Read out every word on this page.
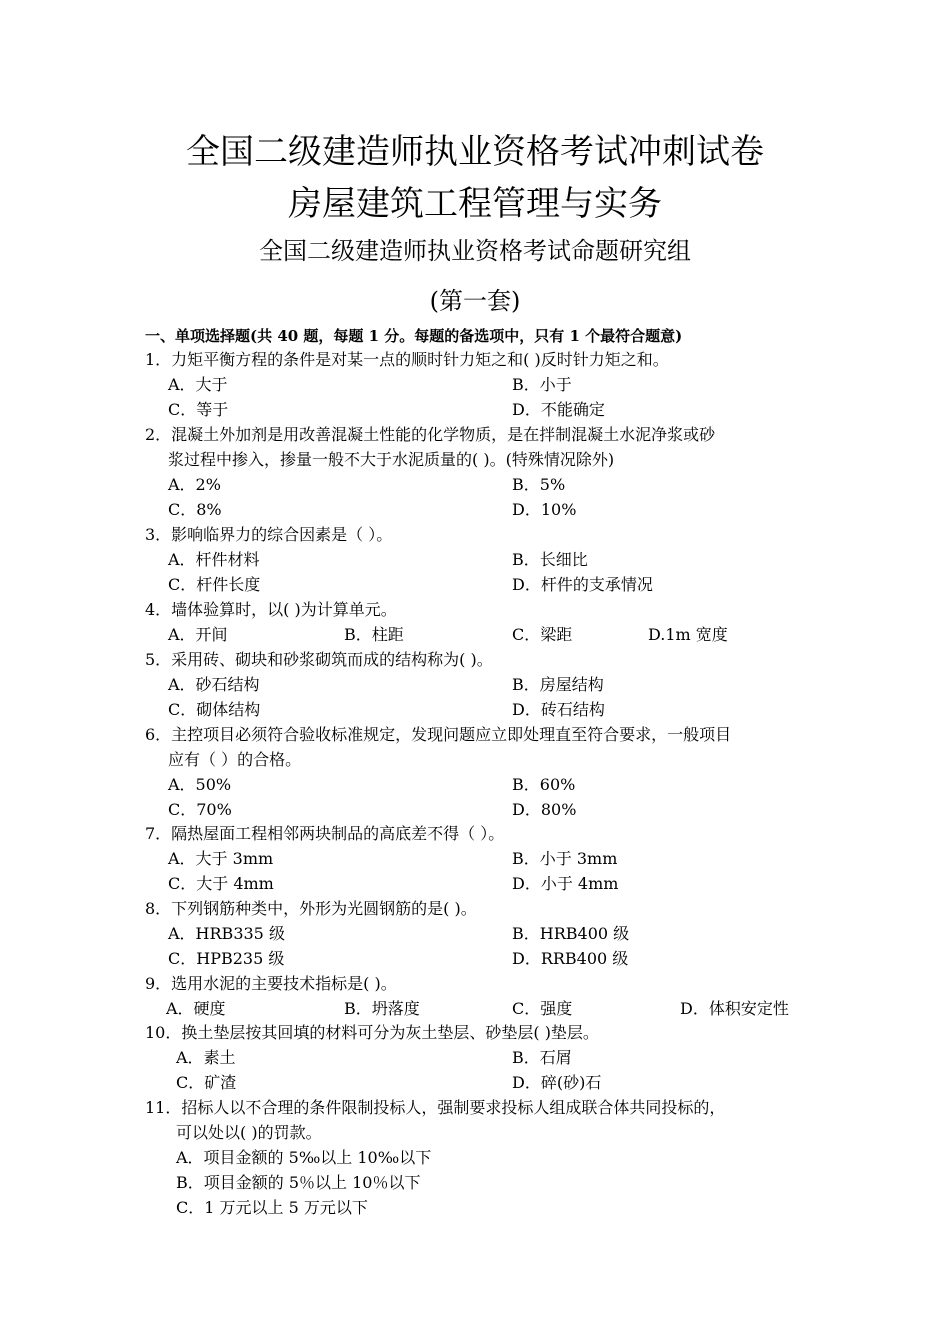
全国二级建造师执业资格考试冲刺试卷
房屋建筑工程管理与实务
全国二级建造师执业资格考试命题研究组
(第一套)
一、单项选择题(共 40 题，每题 1 分。每题的备选项中，只有 1 个最符合题意)
1．力矩平衡方程的条件是对某一点的顺时针力矩之和( )反时针力矩之和。
A．大于	B．小于
C．等于	D．不能确定
2．混凝土外加剂是用改善混凝土性能的化学物质，是在拌制混凝土水泥净浆或砂
浆过程中掺入，掺量一般不大于水泥质量的( )。(特殊情况除外)
A．2%	B．5%
C．8%	D．10%
3．影响临界力的综合因素是（ ）。
A．杆件材料	B．长细比
C．杆件长度	D．杆件的支承情况
4．墙体验算时，以( )为计算单元。
A．开间	B．柱距	C．梁距	D.1m 宽度
5．采用砖、砌块和砂浆砌筑而成的结构称为( )。
A．砂石结构	B．房屋结构
C．砌体结构	D．砖石结构
6．主控项目必须符合验收标准规定，发现问题应立即处理直至符合要求，一般项目
应有（ ）的合格。
A．50%	B．60%
C．70%	D．80%
7．隔热屋面工程相邻两块制品的高底差不得（ ）。
A．大于 3mm	B．小于 3mm
C．大于 4mm	D．小于 4mm
8．下列钢筋种类中，外形为光圆钢筋的是( )。
A．HRB335 级	B．HRB400 级
C．HPB235 级	D．RRB400 级
9．选用水泥的主要技术指标是( )。
A．硬度	B．坍落度	C．强度	D．体积安定性
10．换土垫层按其回填的材料可分为灰土垫层、砂垫层( )垫层。
A．素土	B．石屑
C．矿渣	D．碎(砂)石
11．招标人以不合理的条件限制投标人，强制要求投标人组成联合体共同投标的，
可以处以( )的罚款。
A．项目金额的 5‰以上 10‰以下
B．项目金额的 5％以上 10％以下
C．1 万元以上 5 万元以下
